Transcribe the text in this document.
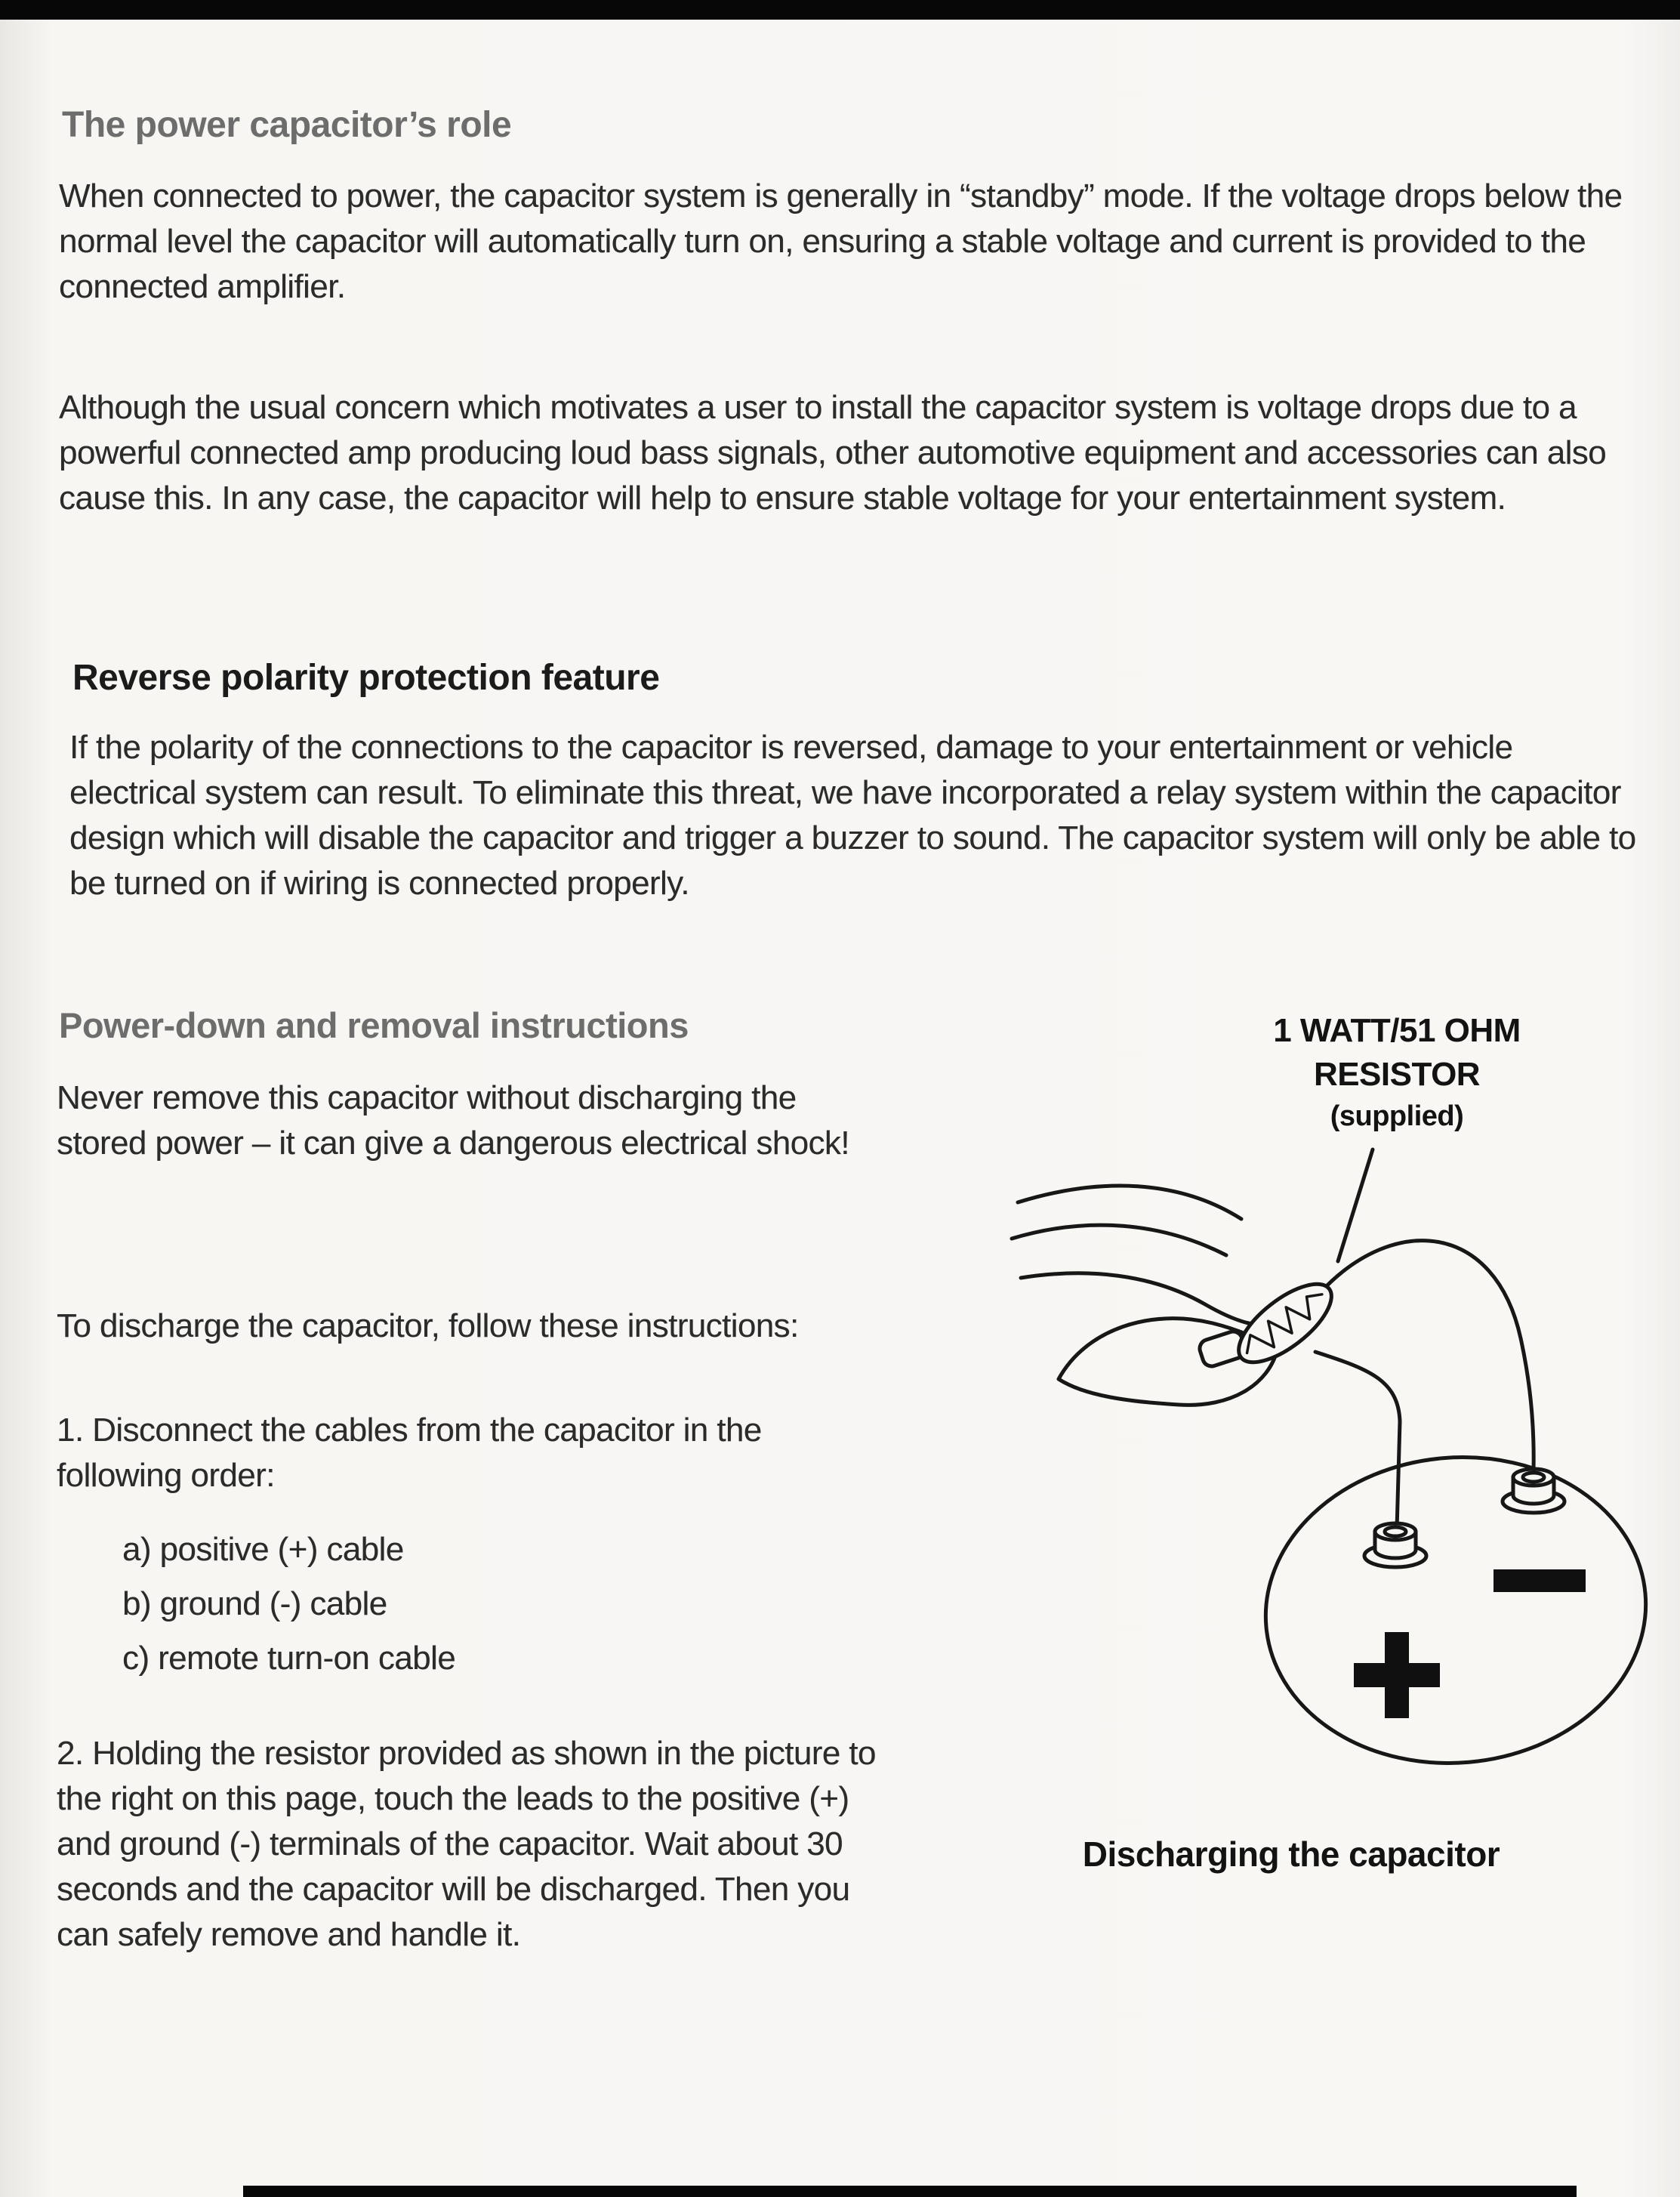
The power capacitor’s role

When connected to power, the capacitor system is generally in “standby” mode. If the voltage drops below the normal level the capacitor will automatically turn on, ensuring a stable voltage and current is provided to the connected amplifier.

Although the usual concern which motivates a user to install the capacitor system is voltage drops due to a powerful connected amp producing loud bass signals, other automotive equipment and accessories can also cause this. In any case, the capacitor will help to ensure stable voltage for your entertainment system.

Reverse polarity protection feature

If the polarity of the connections to the capacitor is reversed, damage to your entertainment or vehicle electrical system can result. To eliminate this threat, we have incorporated a relay system within the capacitor design which will disable the capacitor and trigger a buzzer to sound. The capacitor system will only be able to be turned on if wiring is connected properly.

Power-down and removal instructions

Never remove this capacitor without discharging the stored power – it can give a dangerous electrical shock!

To discharge the capacitor, follow these instructions:

1. Disconnect the cables from the capacitor in the following order:

a) positive (+) cable

b) ground (-) cable

c) remote turn-on cable

2. Holding the resistor provided as shown in the picture to the right on this page, touch the leads to the positive (+) and ground (-) terminals of the capacitor. Wait about 30 seconds and the capacitor will be discharged. Then you can safely remove and handle it.

1 WATT/51 OHM
RESISTOR
(supplied)
Discharging the capacitor
